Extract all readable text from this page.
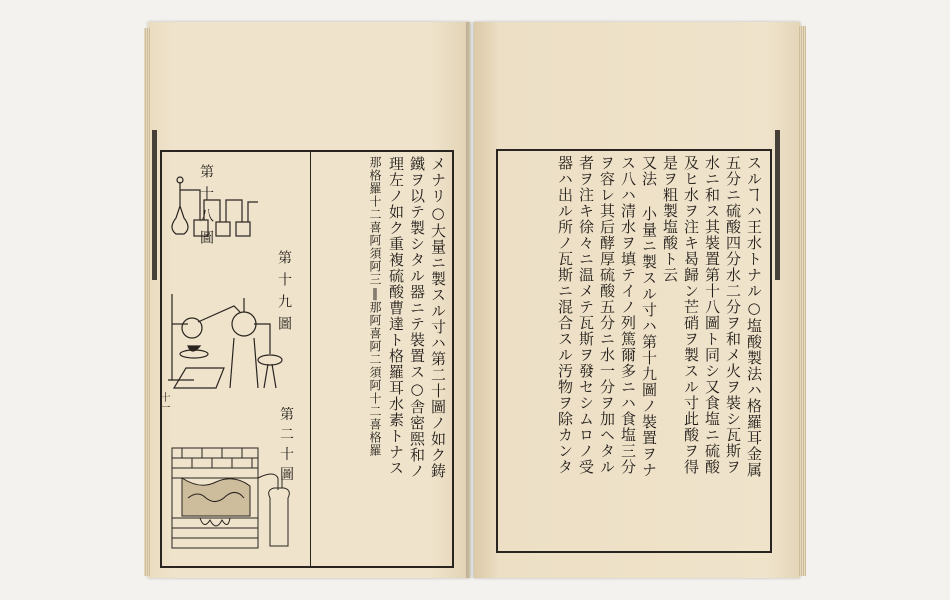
十一
第十八圖
第十九圖
第二十圖	メナリ○大量ニ製スル寸ハ第二十圖ノ如ク鋳
鐵ヲ以テ製シタル器ニテ裝置ス○舎密煕和ノ
理左ノ如ク重複硫酸曹達ト格羅耳水素トナス
那格羅十二喜阿須阿三‖那阿喜阿二須阿十二喜格羅	スルヿハ王水トナル○塩酸製法ハ格羅耳金属
五分ニ硫酸四分水二分ヲ和メ火ヲ裝シ瓦斯ヲ
水ニ和ス其裝置第十八圖ト同シ又食塩ニ硫酸
及ヒ水ヲ注キ曷歸ン芒硝ヲ製スル寸此酸ヲ得
是ヲ粗製塩酸ト云
又法 小量ニ製スル寸ハ第十九圖ノ裝置ヲナ
ス八ハ清水ヲ填テイノ列篤爾多ニハ食塩三分
ヲ容レ其后酵厚硫酸五分ニ水一分ヲ加ヘタル
者ヲ注キ徐々ニ温メテ瓦斯ヲ發セシムロノ受
器ハ出ル所ノ瓦斯ニ混合スル汚物ヲ除カンタ
